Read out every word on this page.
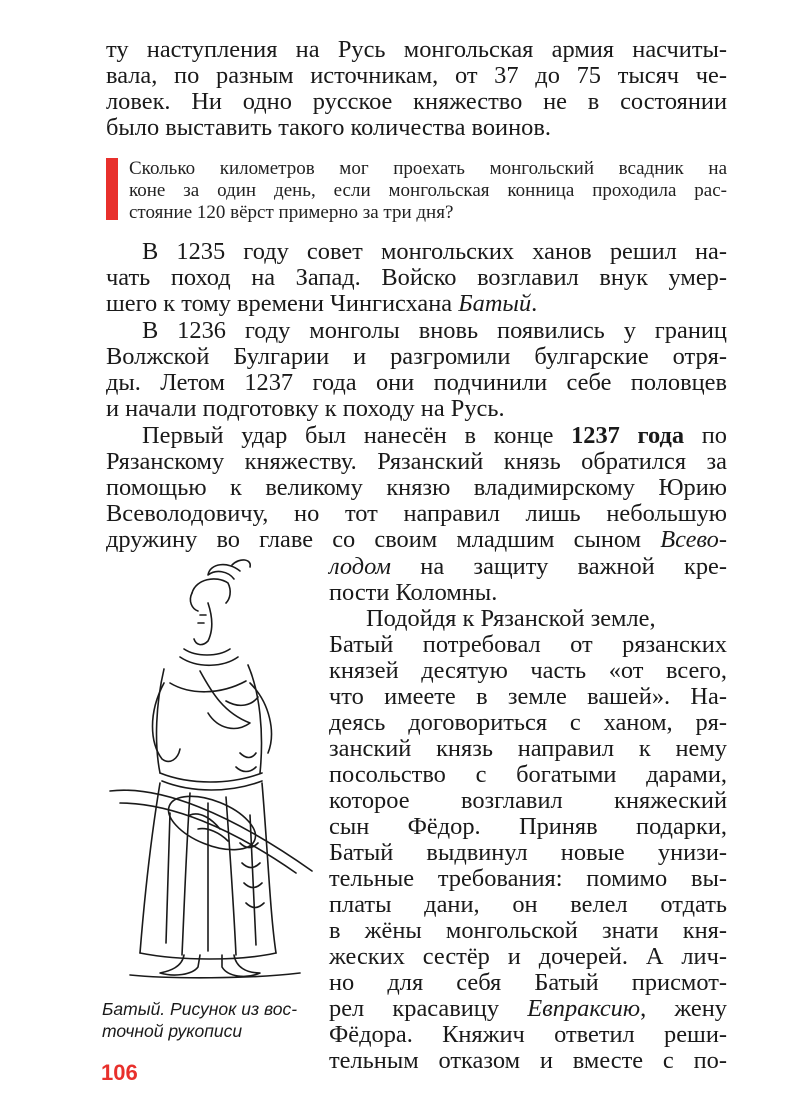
ту наступления на Русь монгольская армия насчиты-
вала, по разным источникам, от 37 до 75 тысяч че-
ловек. Ни одно русское княжество не в состоянии
было выставить такого количества воинов.
Сколько километров мог проехать монгольский всадник на
коне за один день, если монгольская конница проходила рас-
стояние 120 вёрст примерно за три дня?
В 1235 году совет монгольских ханов решил на-
чать поход на Запад. Войско возглавил внук умер-
шего к тому времени Чингисхана Батый.
В 1236 году монголы вновь появились у границ
Волжской Булгарии и разгромили булгарские отря-
ды. Летом 1237 года они подчинили себе половцев
и начали подготовку к походу на Русь.
Первый удар был нанесён в конце 1237 года по
Рязанскому княжеству. Рязанский князь обратился за
помощью к великому князю владимирскому Юрию
Всеволодовичу, но тот направил лишь небольшую
дружину во главе со своим младшим сыном Всево-
лодом на защиту важной кре-
пости Коломны.
Подойдя к Рязанской земле,
Батый потребовал от рязанских
князей десятую часть «от всего,
что имеете в земле вашей». На-
деясь договориться с ханом, ря-
занский князь направил к нему
посольство с богатыми дарами,
которое возглавил княжеский
сын Фёдор. Приняв подарки,
Батый выдвинул новые унизи-
тельные требования: помимо вы-
платы дани, он велел отдать
в жёны монгольской знати кня-
жеских сестёр и дочерей. А лич-
но для себя Батый присмот-
рел красавицу Евпраксию, жену
Фёдора. Княжич ответил реши-
тельным отказом и вместе с по-
Батый. Рисунок из вос-
точной рукописи
106
